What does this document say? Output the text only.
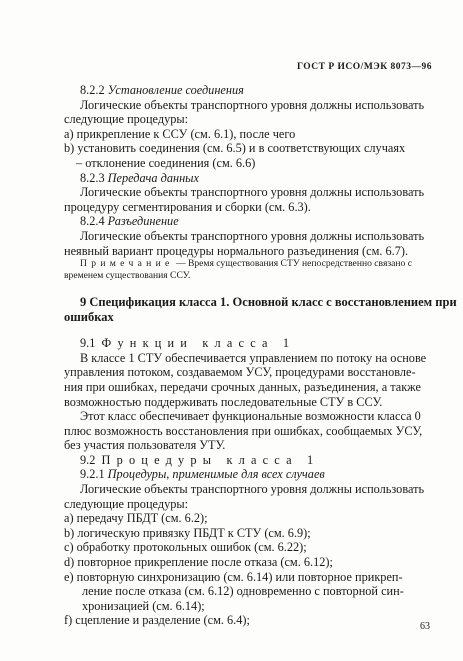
ГОСТ Р ИСО/МЭК 8073—96
8.2.2 Установление соединения
Логические объекты транспортного уровня должны использовать
следующие процедуры:
а) прикрепление к ССУ (см. 6.1), после чего
b) установить соединения (см. 6.5) и в соответствующих случаях
– отклонение соединения (см. 6.6)
8.2.3 Передача данных
Логические объекты транспортного уровня должны использовать
процедуру сегментирования и сборки (см. 6.3).
8.2.4 Разъединение
Логические объекты транспортного уровня должны использовать
неявный вариант процедуры нормального разъединения (см. 6.7).
Примечание — Время существования СТУ непосредственно связано с
временем существования ССУ.
9 Спецификация класса 1. Основной класс с восстановлением при
ошибках
9.1 Функции класса 1
В классе 1 СТУ обеспечивается управлением по потоку на основе
управления потоком, создаваемом УСУ, процедурами восстановле-
ния при ошибках, передачи срочных данных, разъединения, а также
возможностью поддерживать последовательные СТУ в ССУ.
Этот класс обеспечивает функциональные возможности класса 0
плюс возможность восстановления при ошибках, сообщаемых УСУ,
без участия пользователя УТУ.
9.2 Процедуры класса 1
9.2.1 Процедуры, применимые для всех случаев
Логические объекты транспортного уровня должны использовать
следующие процедуры:
а) передачу ПБДТ (см. 6.2);
b) логическую привязку ПБДТ к СТУ (см. 6.9);
с) обработку протокольных ошибок (см. 6.22);
d) повторное прикрепление после отказа (см. 6.12);
е) повторную синхронизацию (см. 6.14) или повторное прикреп-
ление после отказа (см. 6.12) одновременно с повторной син-
хронизацией (см. 6.14);
f) сцепление и разделение (см. 6.4);	63
